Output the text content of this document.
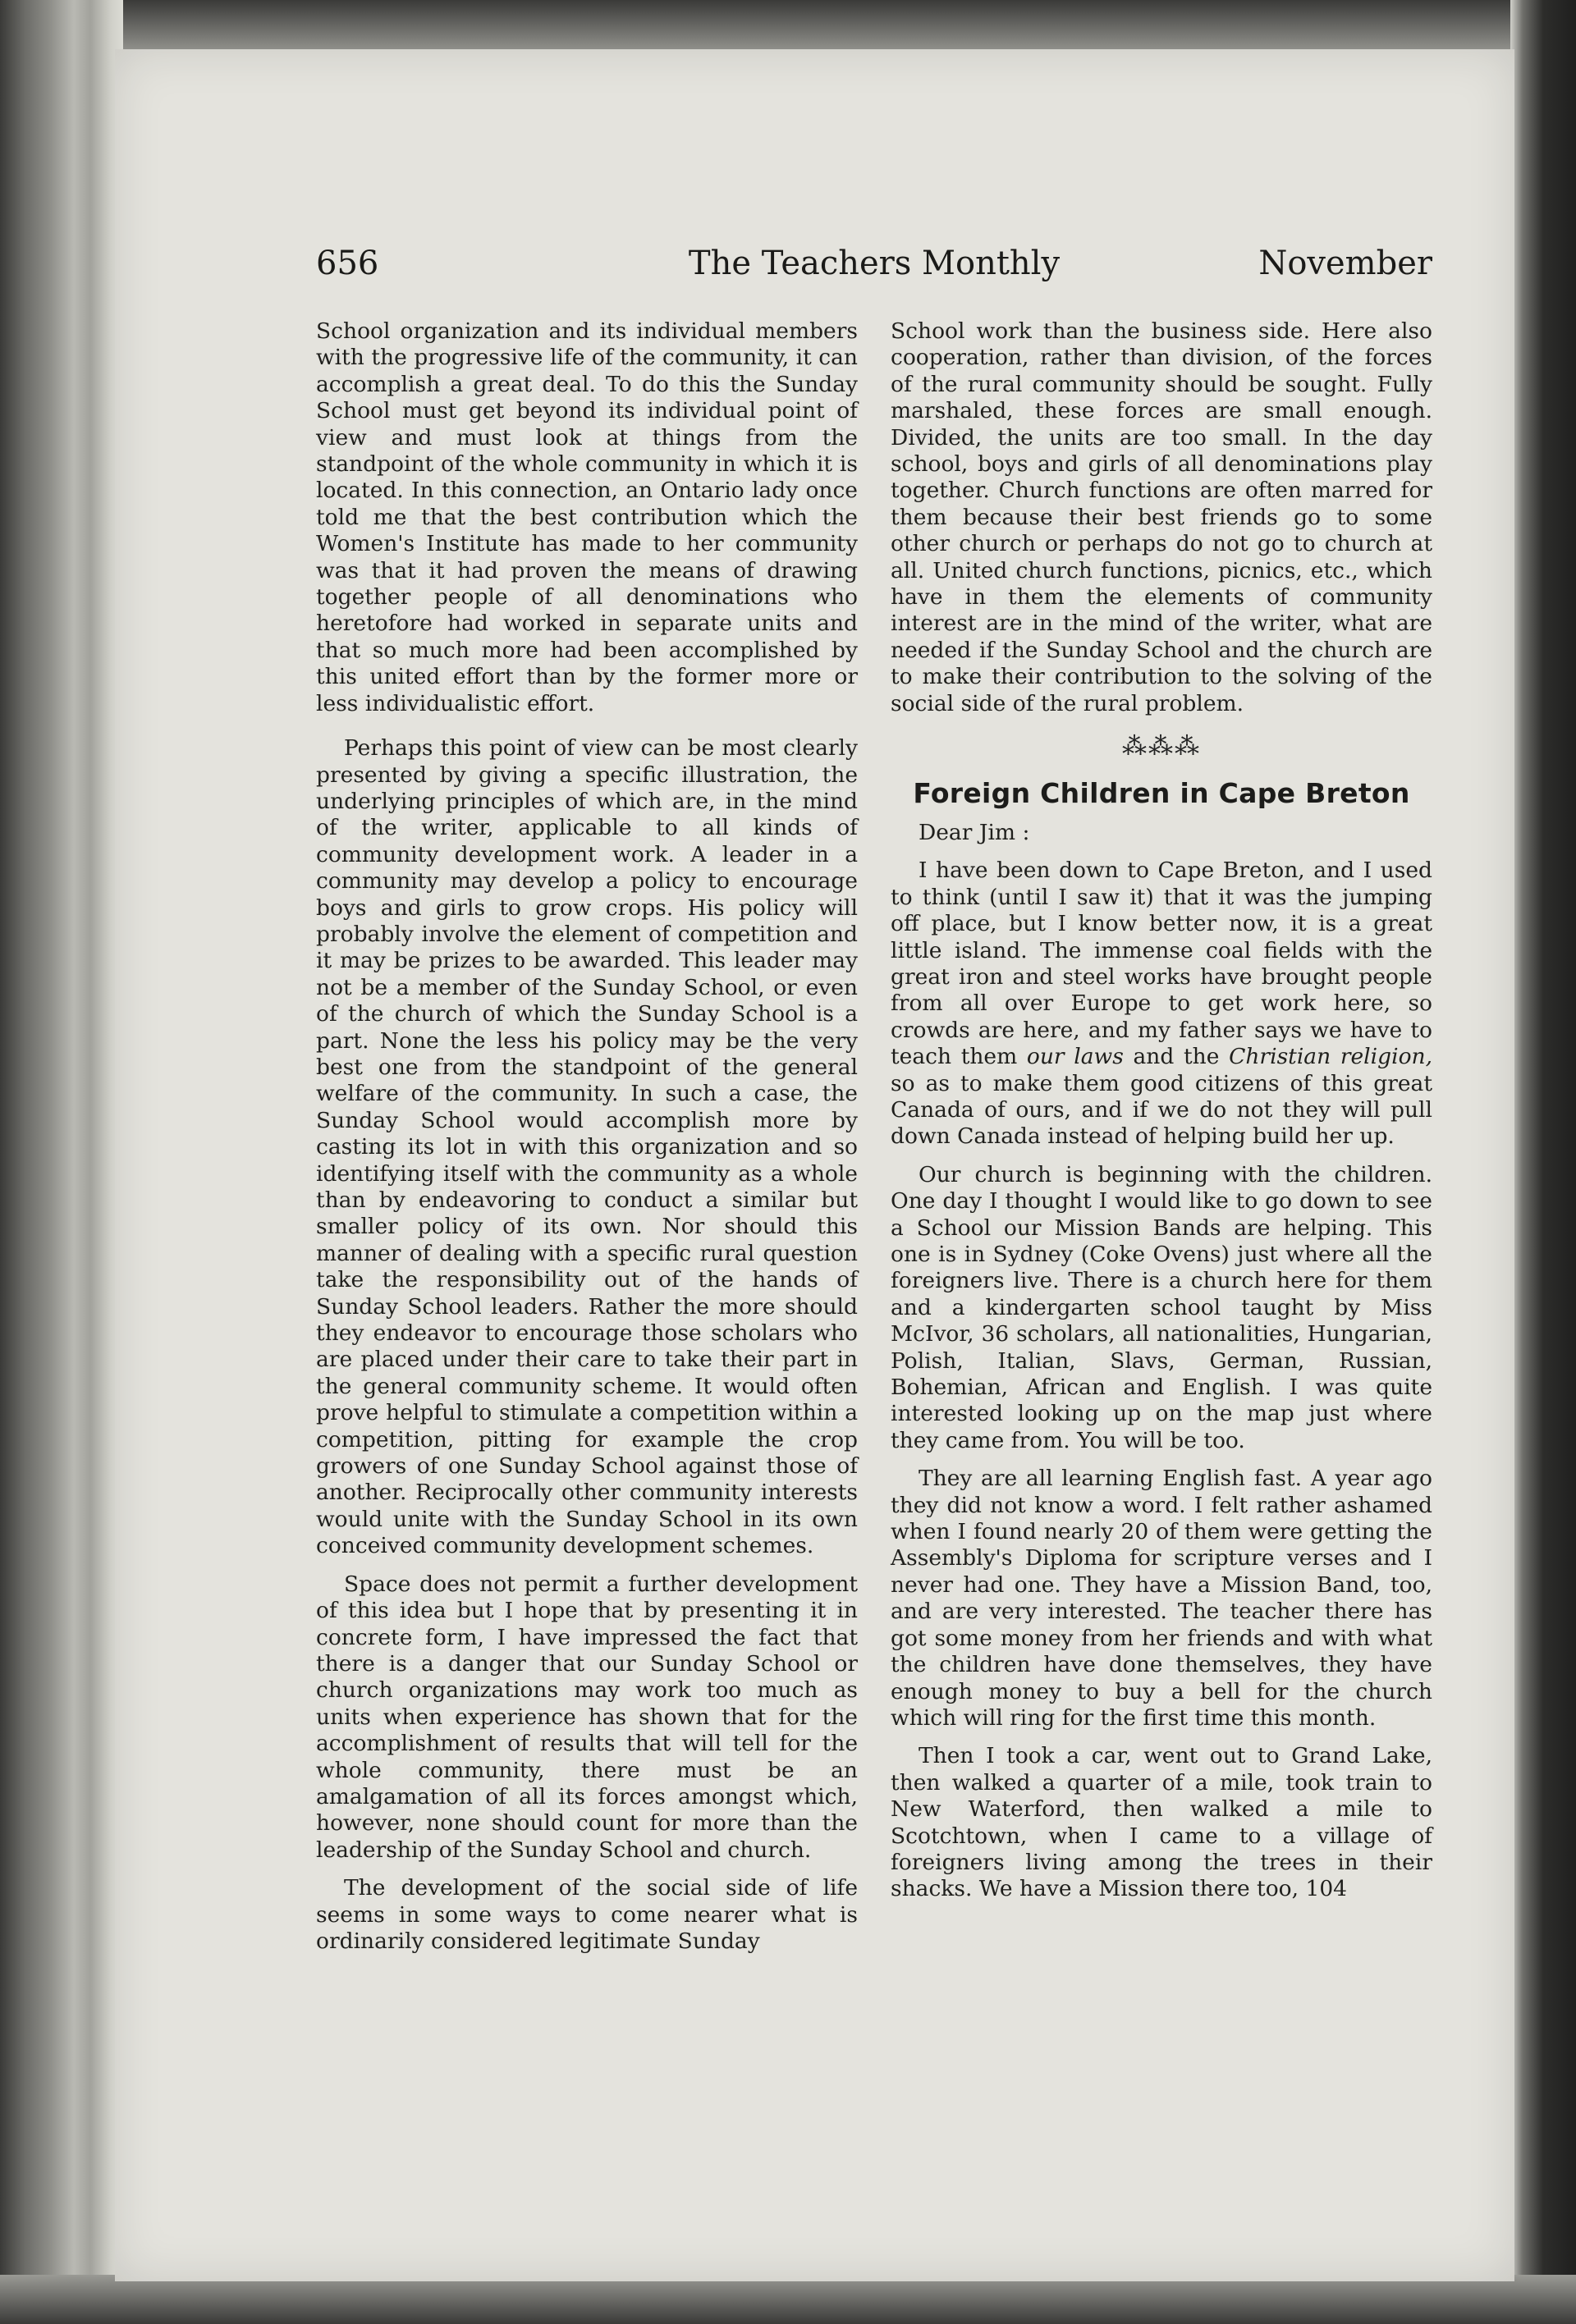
656	The Teachers Monthly	November

School organization and its individual members with the progressive life of the community, it can accomplish a great deal. To do this the Sunday School must get beyond its individual point of view and must look at things from the standpoint of the whole community in which it is located. In this connection, an Ontario lady once told me that the best contribution which the Women's Institute has made to her community was that it had proven the means of drawing together people of all denominations who heretofore had worked in separate units and that so much more had been accomplished by this united effort than by the former more or less individualistic effort.

Perhaps this point of view can be most clearly presented by giving a specific illustration, the underlying principles of which are, in the mind of the writer, applicable to all kinds of community development work. A leader in a community may develop a policy to encourage boys and girls to grow crops. His policy will probably involve the element of competition and it may be prizes to be awarded. This leader may not be a member of the Sunday School, or even of the church of which the Sunday School is a part. None the less his policy may be the very best one from the standpoint of the general welfare of the community. In such a case, the Sunday School would accomplish more by casting its lot in with this organization and so identifying itself with the community as a whole than by endeavoring to conduct a similar but smaller policy of its own. Nor should this manner of dealing with a specific rural question take the responsibility out of the hands of Sunday School leaders. Rather the more should they endeavor to encourage those scholars who are placed under their care to take their part in the general community scheme. It would often prove helpful to stimulate a competition within a competition, pitting for example the crop growers of one Sunday School against those of another. Reciprocally other community interests would unite with the Sunday School in its own conceived community development schemes.

Space does not permit a further development of this idea but I hope that by presenting it in concrete form, I have impressed the fact that there is a danger that our Sunday School or church organizations may work too much as units when experience has shown that for the accomplishment of results that will tell for the whole community, there must be an amalgamation of all its forces amongst which, however, none should count for more than the leadership of the Sunday School and church.

The development of the social side of life seems in some ways to come nearer what is ordinarily considered legitimate Sunday

School work than the business side. Here also cooperation, rather than division, of the forces of the rural community should be sought. Fully marshaled, these forces are small enough. Divided, the units are too small. In the day school, boys and girls of all denominations play together. Church functions are often marred for them because their best friends go to some other church or perhaps do not go to church at all. United church functions, picnics, etc., which have in them the elements of community interest are in the mind of the writer, what are needed if the Sunday School and the church are to make their contribution to the solving of the social side of the rural problem.

⁂⁂⁂
Foreign Children in Cape Breton
Dear Jim :

I have been down to Cape Breton, and I used to think (until I saw it) that it was the jumping off place, but I know better now, it is a great little island. The immense coal fields with the great iron and steel works have brought people from all over Europe to get work here, so crowds are here, and my father says we have to teach them our laws and the Christian religion, so as to make them good citizens of this great Canada of ours, and if we do not they will pull down Canada instead of helping build her up.

Our church is beginning with the children. One day I thought I would like to go down to see a School our Mission Bands are helping. This one is in Sydney (Coke Ovens) just where all the foreigners live. There is a church here for them and a kindergarten school taught by Miss McIvor, 36 scholars, all nationalities, Hungarian, Polish, Italian, Slavs, German, Russian, Bohemian, African and English. I was quite interested looking up on the map just where they came from. You will be too.

They are all learning English fast. A year ago they did not know a word. I felt rather ashamed when I found nearly 20 of them were getting the Assembly's Diploma for scripture verses and I never had one. They have a Mission Band, too, and are very interested. The teacher there has got some money from her friends and with what the children have done themselves, they have enough money to buy a bell for the church which will ring for the first time this month.

Then I took a car, went out to Grand Lake, then walked a quarter of a mile, took train to New Waterford, then walked a mile to Scotchtown, when I came to a village of foreigners living among the trees in their shacks. We have a Mission there too, 104
